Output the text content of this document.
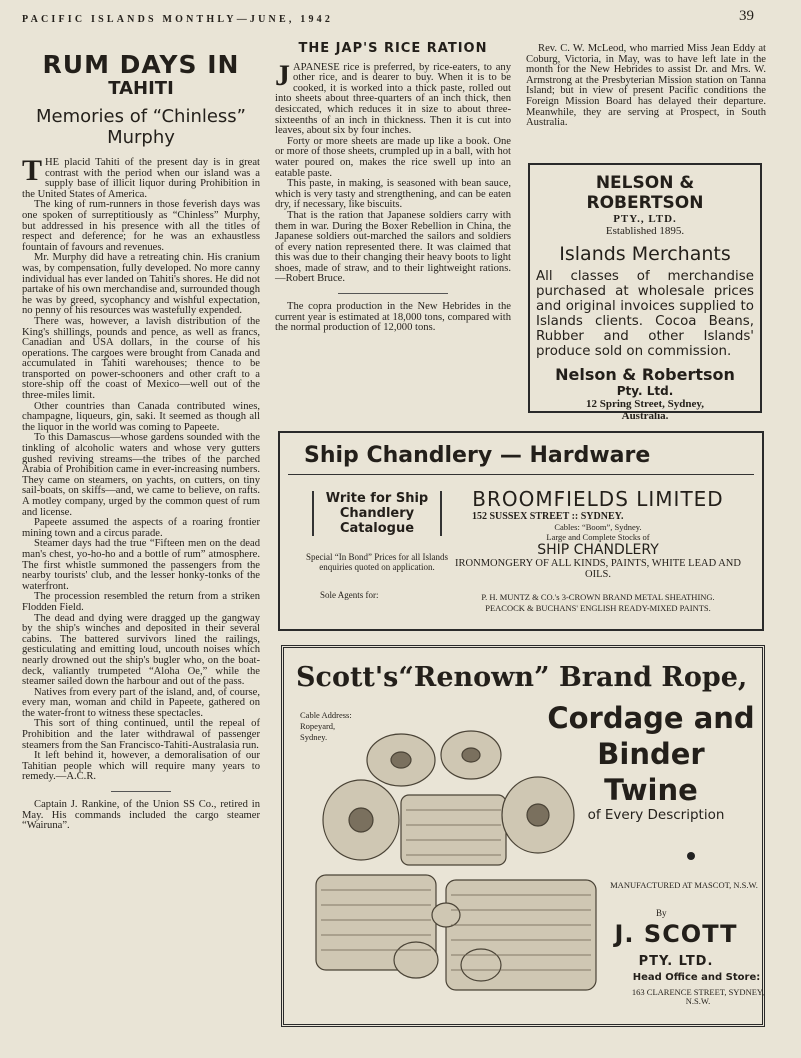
PACIFIC ISLANDS MONTHLY—JUNE, 1942	39
RUM DAYS IN
TAHITI
Memories of “Chinless” Murphy

THE placid Tahiti of the present day is in great contrast with the period when our island was a supply base of illicit liquor during Prohibition in the United States of America.

The king of rum-runners in those feverish days was one spoken of surreptitiously as “Chinless” Murphy, but addressed in his presence with all the titles of respect and deference; for he was an exhaustless fountain of favours and revenues.

Mr. Murphy did have a retreating chin. His cranium was, by compensation, fully developed. No more canny individual has ever landed on Tahiti's shores. He did not partake of his own merchandise and, surrounded though he was by greed, sycophancy and wishful expectation, no penny of his resources was wastefully expended.

There was, however, a lavish distribution of the King's shillings, pounds and pence, as well as francs, Canadian and USA dollars, in the course of his operations. The cargoes were brought from Canada and accumulated in Tahiti warehouses; thence to be transported on power-schooners and other craft to a store-ship off the coast of Mexico—well out of the three-miles limit.

Other countries than Canada contributed wines, champagne, liqueurs, gin, saki. It seemed as though all the liquor in the world was coming to Papeete.

To this Damascus—whose gardens sounded with the tinkling of alcoholic waters and whose very gutters gushed reviving streams—the tribes of the parched Arabia of Prohibition came in ever-increasing numbers. They came on steamers, on yachts, on cutters, on tiny sail-boats, on skiffs—and, we came to believe, on rafts. A motley company, urged by the common quest of rum and license.

Papeete assumed the aspects of a roaring frontier mining town and a circus parade.

Steamer days had the true “Fifteen men on the dead man's chest, yo-ho-ho and a bottle of rum” atmosphere. The first whistle summoned the passengers from the nearby tourists' club, and the lesser honky-tonks of the waterfront.

The procession resembled the return from a striken Flodden Field.

The dead and dying were dragged up the gangway by the ship's winches and deposited in their several cabins. The battered survivors lined the railings, gesticulating and emitting loud, uncouth noises which nearly drowned out the ship's bugler who, on the boat-deck, valiantly trumpeted “Aloha Oe,” while the steamer sailed down the harbour and out of the pass.

Natives from every part of the island, and, of course, every man, woman and child in Papeete, gathered on the water-front to witness these spectacles.

This sort of thing continued, until the repeal of Prohibition and the later withdrawal of passenger steamers from the San Francisco-Tahiti-Australasia run.

It left behind it, however, a demoralisation of our Tahitian people which will require many years to remedy.—A.C.R.

Captain J. Rankine, of the Union SS Co., retired in May. His commands included the cargo steamer “Wairuna”.

THE JAP'S RICE RATION

JAPANESE rice is preferred, by rice-eaters, to any other rice, and is dearer to buy. When it is to be cooked, it is worked into a thick paste, rolled out into sheets about three-quarters of an inch thick, then desiccated, which reduces it in size to about three-sixteenths of an inch in thickness. Then it is cut into leaves, about six by four inches.

Forty or more sheets are made up like a book. One or more of those sheets, crumpled up in a ball, with hot water poured on, makes the rice swell up into an eatable paste.

This paste, in making, is seasoned with bean sauce, which is very tasty and strengthening, and can be eaten dry, if necessary, like biscuits.

That is the ration that Japanese soldiers carry with them in war. During the Boxer Rebellion in China, the Japanese soldiers out-marched the sailors and soldiers of every nation represented there. It was claimed that this was due to their changing their heavy boots to light shoes, made of straw, and to their lightweight rations.—Robert Bruce.

The copra production in the New Hebrides in the current year is estimated at 18,000 tons, compared with the normal production of 12,000 tons.

Rev. C. W. McLeod, who married Miss Jean Eddy at Coburg, Victoria, in May, was to have left late in the month for the New Hebrides to assist Dr. and Mrs. W. Armstrong at the Presbyterian Mission station on Tanna Island; but in view of present Pacific conditions the Foreign Mission Board has delayed their departure. Meanwhile, they are serving at Prospect, in South Australia.

NELSON & ROBERTSON
PTY., LTD.
Established 1895.
Islands Merchants
All classes of merchandise purchased at wholesale prices and original invoices supplied to Islands clients. Cocoa Beans, Rubber and other Islands' produce sold on commission.
Nelson & Robertson
Pty. Ltd.
12 Spring Street, Sydney,
Australia.
Ship Chandlery — Hardware
Write for Ship Chandlery Catalogue
Special “In Bond” Prices for all Islands enquiries quoted on application.
Sole Agents for:
BROOMFIELDS LIMITED
152 SUSSEX STREET :: SYDNEY.
Cables: “Boom”, Sydney.
Large and Complete Stocks of
SHIP CHANDLERY
IRONMONGERY OF ALL KINDS, PAINTS, WHITE LEAD AND OILS.
P. H. MUNTZ & CO.'s 3-CROWN BRAND METAL SHEATHING.
PEACOCK & BUCHANS' ENGLISH READY-MIXED PAINTS.
Scott's“Renown” Brand Rope,
Cable Address: Ropeyard, Sydney.
Cordage and Binder Twine
of Every Description
MANUFACTURED AT MASCOT, N.S.W.
By
J. SCOTT
PTY. LTD.
Head Office and Store:
163 CLARENCE STREET, SYDNEY, N.S.W.
